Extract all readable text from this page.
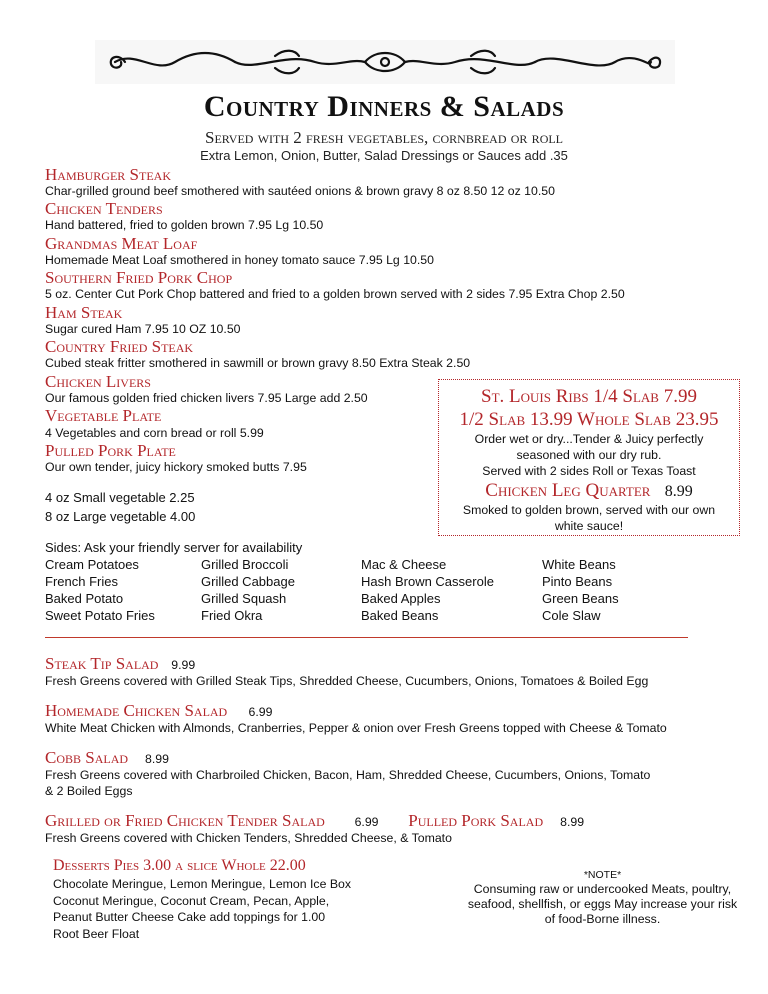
Country Dinners & Salads
Served with 2 fresh vegetables, cornbread or roll
Extra Lemon, Onion, Butter, Salad Dressings or Sauces add .35
Hamburger Steak
Char-grilled ground beef smothered with sautéed onions & brown gravy 8 oz 8.50 12 oz 10.50
Chicken Tenders
Hand battered, fried to golden brown 7.95 Lg 10.50
Grandmas Meat Loaf
Homemade Meat Loaf smothered in honey tomato sauce 7.95 Lg 10.50
Southern Fried Pork Chop
5 oz. Center Cut Pork Chop battered and fried to a golden brown served with 2 sides 7.95 Extra Chop 2.50
Ham Steak
Sugar cured Ham 7.95 10 OZ 10.50
Country Fried Steak
Cubed steak fritter smothered in sawmill or brown gravy 8.50 Extra Steak 2.50
Chicken Livers
Our famous golden fried chicken livers 7.95 Large add 2.50
Vegetable Plate
4 Vegetables and corn bread or roll 5.99
Pulled Pork Plate
Our own tender, juicy hickory smoked butts 7.95
4 oz Small vegetable 2.25
8 oz Large vegetable 4.00
St. Louis Ribs 1/4 Slab 7.99
1/2 Slab 13.99 Whole Slab 23.95
Order wet or dry...Tender & Juicy perfectly
seasoned with our dry rub.
Served with 2 sides Roll or Texas Toast
Chicken Leg Quarter 8.99
Smoked to golden brown, served with our own
white sauce!
Sides: Ask your friendly server for availability
Cream Potatoes	Grilled Broccoli	Mac & Cheese	White Beans
French Fries	Grilled Cabbage	Hash Brown Casserole	Pinto Beans
Baked Potato	Grilled Squash	Baked Apples	Green Beans
Sweet Potato Fries	Fried Okra	Baked Beans	Cole Slaw
Steak Tip Salad 9.99
Fresh Greens covered with Grilled Steak Tips, Shredded Cheese, Cucumbers, Onions, Tomatoes & Boiled Egg
Homemade Chicken Salad 6.99
White Meat Chicken with Almonds, Cranberries, Pepper & onion over Fresh Greens topped with Cheese & Tomato
Cobb Salad 8.99
Fresh Greens covered with Charbroiled Chicken, Bacon, Ham, Shredded Cheese, Cucumbers, Onions, Tomato
& 2 Boiled Eggs
Grilled or Fried Chicken Tender Salad 6.99 Pulled Pork Salad 8.99
Fresh Greens covered with Chicken Tenders, Shredded Cheese, & Tomato
Desserts Pies 3.00 a slice Whole 22.00
Chocolate Meringue, Lemon Meringue, Lemon Ice Box
Coconut Meringue, Coconut Cream, Pecan, Apple,
Peanut Butter Cheese Cake add toppings for 1.00
Root Beer Float
*NOTE*
Consuming raw or undercooked Meats, poultry,
seafood, shellfish, or eggs May increase your risk
of food-Borne illness.
